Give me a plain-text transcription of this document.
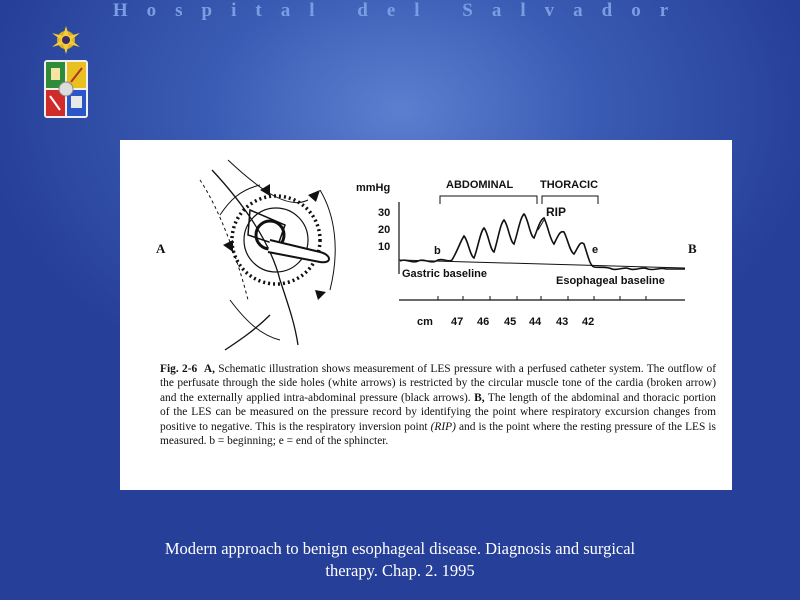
Hospital del Salvador
A
mmHg
30
20
10
ABDOMINAL THORACIC
RIP
b	e
Gastric baseline
Esophageal baseline
cm 47 46 45 44 43 42
B
Fig. 2-6 A, Schematic illustration shows measurement of LES pressure with a perfused catheter system. The outflow of the perfusate through the side holes (white arrows) is restricted by the circular muscle tone of the cardia (broken arrow) and the externally applied intra-abdominal pressure (black arrows). B, The length of the abdominal and thoracic portion of the LES can be measured on the pressure record by identifying the point where respiratory excursion changes from positive to negative. This is the respiratory inversion point (RIP) and is the point where the resting pressure of the LES is measured. b = beginning; e = end of the sphincter.
Modern approach to benign esophageal disease. Diagnosis and surgical
therapy. Chap. 2. 1995
